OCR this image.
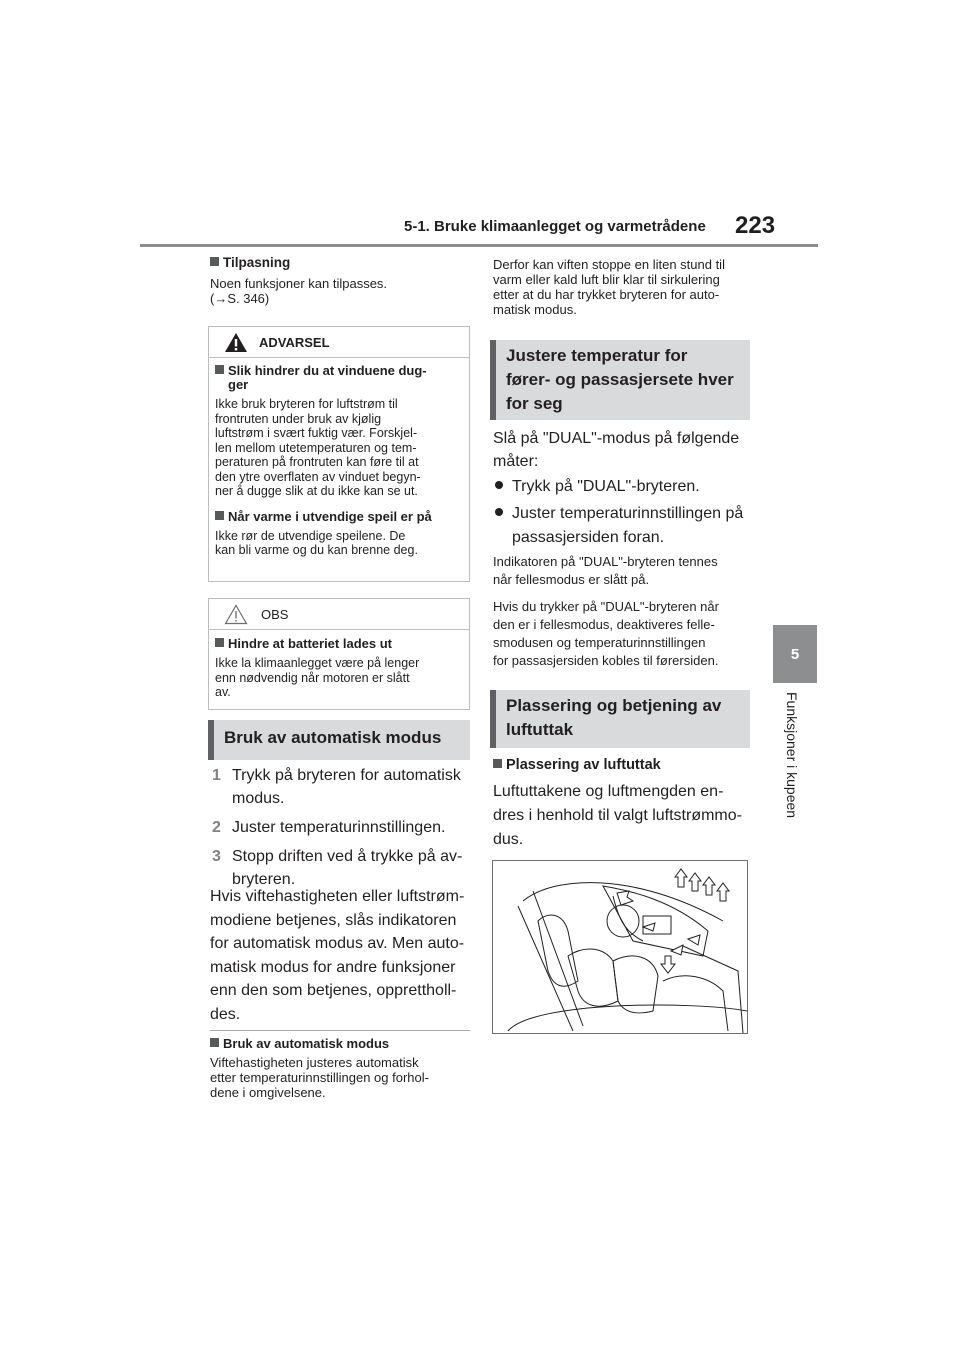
5-1. Bruke klimaanlegget og varmetrådene 223
5
Funksjoner i kupeen
Tilpasning
Noen funksjoner kan tilpasses.
(→S. 346)
ADVARSEL
Slik hindrer du at vinduene dug-
ger
Ikke bruk bryteren for luftstrøm til
frontruten under bruk av kjølig
luftstrøm i svært fuktig vær. Forskjel-
len mellom utetemperaturen og tem-
peraturen på frontruten kan føre til at
den ytre overflaten av vinduet begyn-
ner å dugge slik at du ikke kan se ut.
Når varme i utvendige speil er på
Ikke rør de utvendige speilene. De
kan bli varme og du kan brenne deg.
OBS
Hindre at batteriet lades ut
Ikke la klimaanlegget være på lenger
enn nødvendig når motoren er slått
av.
Bruk av automatisk modus
1 Trykk på bryteren for automatisk
modus.
2 Juster temperaturinnstillingen.
3 Stopp driften ved å trykke på av-
bryteren.
Hvis viftehastigheten eller luftstrøm-
modiene betjenes, slås indikatoren
for automatisk modus av. Men auto-
matisk modus for andre funksjoner
enn den som betjenes, opprettholl-
des.
Bruk av automatisk modus
Viftehastigheten justeres automatisk
etter temperaturinnstillingen og forhol-
dene i omgivelsene.
Derfor kan viften stoppe en liten stund til
varm eller kald luft blir klar til sirkulering
etter at du har trykket bryteren for auto-
matisk modus.
Justere temperatur for
fører- og passasjersete hver
for seg
Slå på "DUAL"-modus på følgende
måter:
Trykk på "DUAL"-bryteren.
Juster temperaturinnstillingen på
passasjersiden foran.
Indikatoren på "DUAL"-bryteren tennes
når fellesmodus er slått på.
Hvis du trykker på "DUAL"-bryteren når
den er i fellesmodus, deaktiveres felle-
smodusen og temperaturinnstillingen
for passasjersiden kobles til førersiden.
Plassering og betjening av
luftuttak
Plassering av luftuttak
Luftuttakene og luftmengden en-
dres i henhold til valgt luftstrømmo-
dus.
